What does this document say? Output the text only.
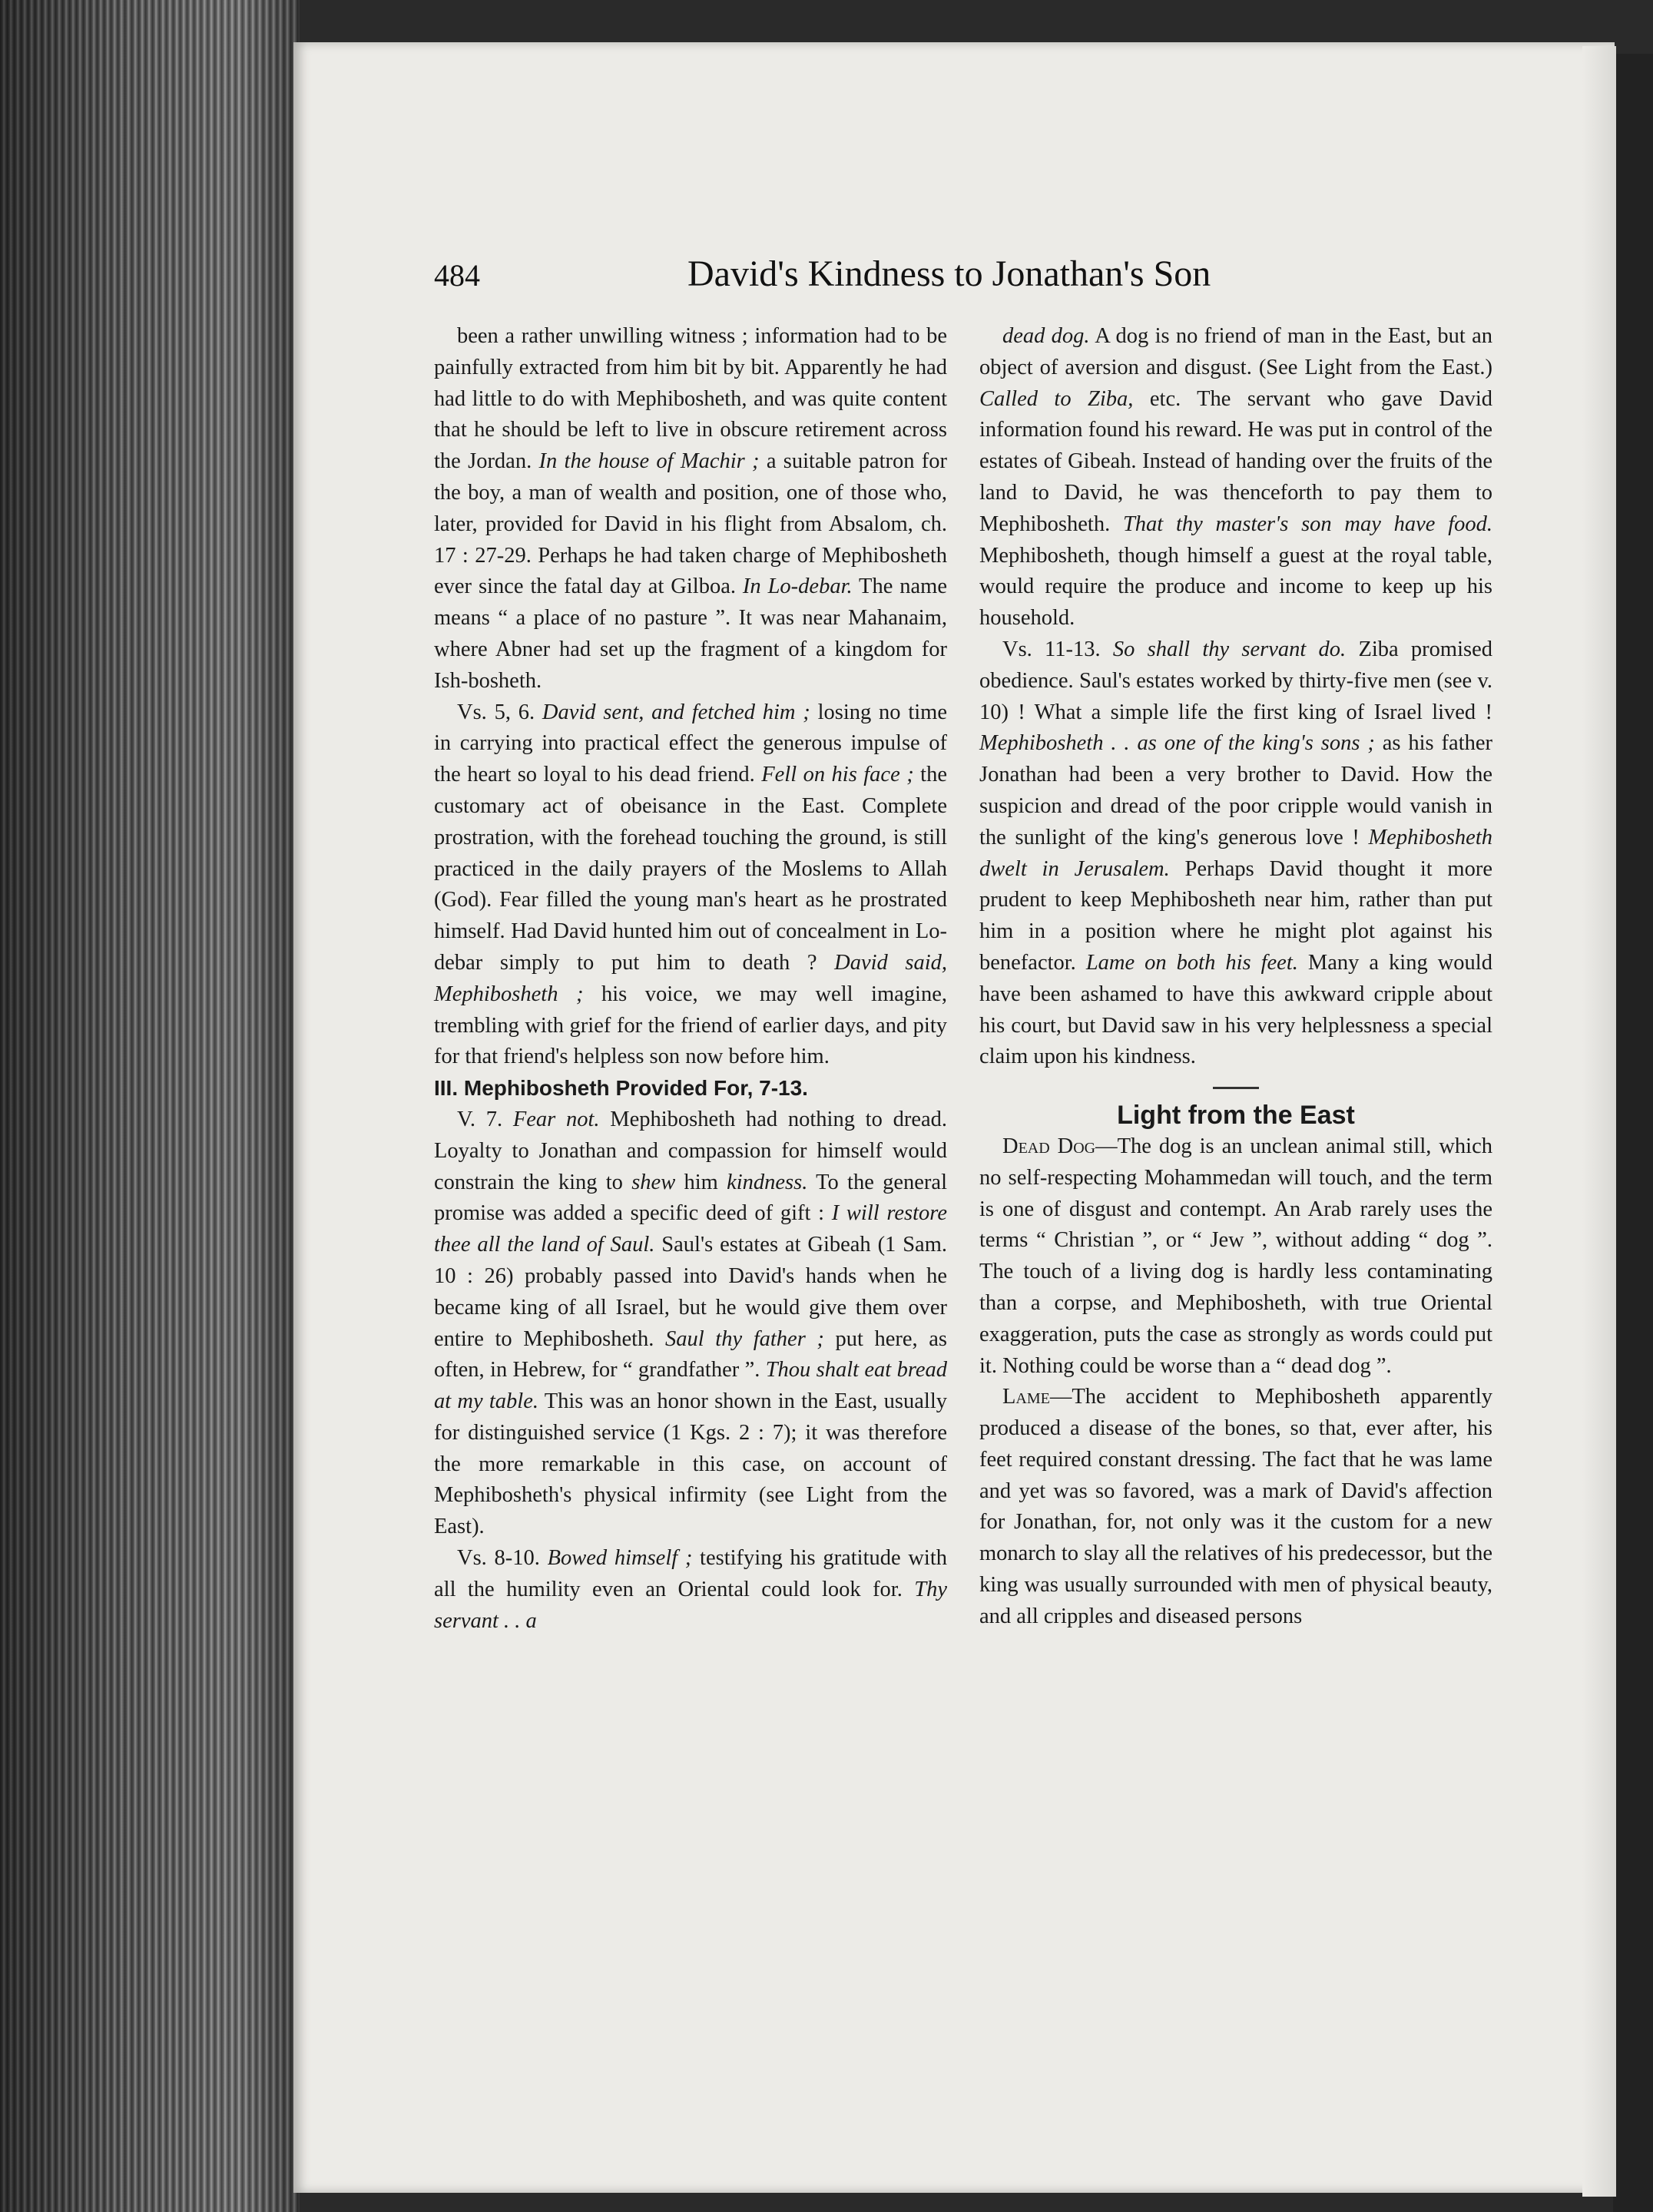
484	David's Kindness to Jonathan's Son

been a rather unwilling witness ; information had to be painfully extracted from him bit by bit. Apparently he had had little to do with Mephibosheth, and was quite content that he should be left to live in obscure retirement across the Jordan. In the house of Machir ; a suitable patron for the boy, a man of wealth and position, one of those who, later, provided for David in his flight from Absalom, ch. 17 : 27-29. Perhaps he had taken charge of Mephibosheth ever since the fatal day at Gilboa. In Lo-debar. The name means “ a place of no pasture ”. It was near Mahanaim, where Abner had set up the fragment of a kingdom for Ish-bosheth.

Vs. 5, 6. David sent, and fetched him ; losing no time in carrying into practical effect the generous impulse of the heart so loyal to his dead friend. Fell on his face ; the customary act of obeisance in the East. Complete prostration, with the forehead touching the ground, is still practiced in the daily prayers of the Moslems to Allah (God). Fear filled the young man's heart as he prostrated himself. Had David hunted him out of concealment in Lo-debar simply to put him to death ? David said, Mephibosheth ; his voice, we may well imagine, trembling with grief for the friend of earlier days, and pity for that friend's helpless son now before him.

III. Mephibosheth Provided For, 7-13.

V. 7. Fear not. Mephibosheth had nothing to dread. Loyalty to Jonathan and compassion for himself would constrain the king to shew him kindness. To the general promise was added a specific deed of gift : I will restore thee all the land of Saul. Saul's estates at Gibeah (1 Sam. 10 : 26) probably passed into David's hands when he became king of all Israel, but he would give them over entire to Mephibosheth. Saul thy father ; put here, as often, in Hebrew, for “ grandfather ”. Thou shalt eat bread at my table. This was an honor shown in the East, usually for distinguished service (1 Kgs. 2 : 7); it was therefore the more remarkable in this case, on account of Mephibosheth's physical infirmity (see Light from the East).

Vs. 8-10. Bowed himself ; testifying his gratitude with all the humility even an Oriental could look for. Thy servant . . a

dead dog. A dog is no friend of man in the East, but an object of aversion and disgust. (See Light from the East.) Called to Ziba, etc. The servant who gave David information found his reward. He was put in control of the estates of Gibeah. Instead of handing over the fruits of the land to David, he was thenceforth to pay them to Mephibosheth. That thy master's son may have food. Mephibosheth, though himself a guest at the royal table, would require the produce and income to keep up his household.

Vs. 11-13. So shall thy servant do. Ziba promised obedience. Saul's estates worked by thirty-five men (see v. 10) ! What a simple life the first king of Israel lived ! Mephibosheth . . as one of the king's sons ; as his father Jonathan had been a very brother to David. How the suspicion and dread of the poor cripple would vanish in the sunlight of the king's generous love ! Mephibosheth dwelt in Jerusalem. Perhaps David thought it more prudent to keep Mephibosheth near him, rather than put him in a position where he might plot against his benefactor. Lame on both his feet. Many a king would have been ashamed to have this awkward cripple about his court, but David saw in his very helplessness a special claim upon his kindness.

Light from the East

Dead Dog—The dog is an unclean animal still, which no self-respecting Mohammedan will touch, and the term is one of disgust and contempt. An Arab rarely uses the terms “ Christian ”, or “ Jew ”, without adding “ dog ”. The touch of a living dog is hardly less contaminating than a corpse, and Mephibosheth, with true Oriental exaggeration, puts the case as strongly as words could put it. Nothing could be worse than a “ dead dog ”.

Lame—The accident to Mephibosheth apparently produced a disease of the bones, so that, ever after, his feet required constant dressing. The fact that he was lame and yet was so favored, was a mark of David's affection for Jonathan, for, not only was it the custom for a new monarch to slay all the relatives of his predecessor, but the king was usually surrounded with men of physical beauty, and all cripples and diseased persons
